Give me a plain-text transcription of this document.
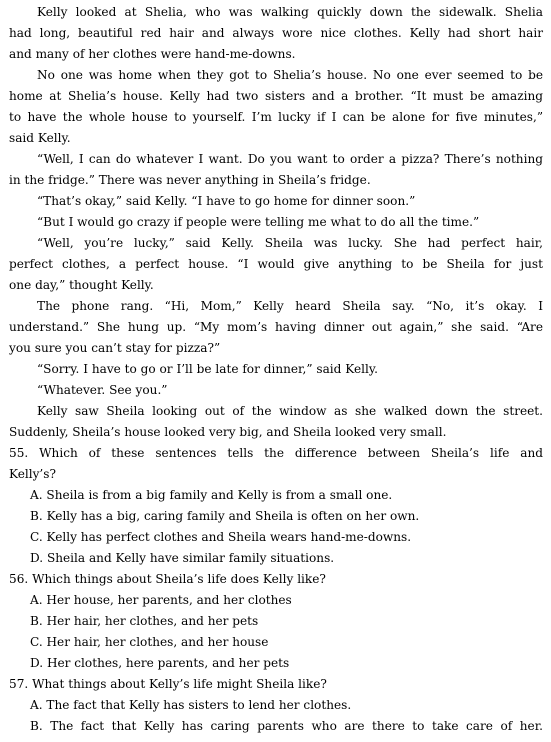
Kelly looked at Shelia, who was walking quickly down the sidewalk. Shelia
had long, beautiful red hair and always wore nice clothes. Kelly had short hair
and many of her clothes were hand-me-downs.
No one was home when they got to Shelia’s house. No one ever seemed to be
home at Shelia’s house. Kelly had two sisters and a brother. “It must be amazing
to have the whole house to yourself. I’m lucky if I can be alone for five minutes,”
said Kelly.
“Well, I can do whatever I want. Do you want to order a pizza? There’s nothing
in the fridge.” There was never anything in Sheila’s fridge.
“That’s okay,” said Kelly. “I have to go home for dinner soon.”
“But I would go crazy if people were telling me what to do all the time.”
“Well, you’re lucky,” said Kelly. Sheila was lucky. She had perfect hair,
perfect clothes, a perfect house. “I would give anything to be Sheila for just
one day,” thought Kelly.
The phone rang. “Hi, Mom,” Kelly heard Sheila say. “No, it’s okay. I
understand.” She hung up. “My mom’s having dinner out again,” she said. “Are
you sure you can’t stay for pizza?”
“Sorry. I have to go or I’ll be late for dinner,” said Kelly.
“Whatever. See you.”
Kelly saw Sheila looking out of the window as she walked down the street.
Suddenly, Sheila’s house looked very big, and Sheila looked very small.
55. Which of these sentences tells the difference between Sheila’s life and
Kelly’s?
A. Sheila is from a big family and Kelly is from a small one.
B. Kelly has a big, caring family and Sheila is often on her own.
C. Kelly has perfect clothes and Sheila wears hand-me-downs.
D. Sheila and Kelly have similar family situations.
56. Which things about Sheila’s life does Kelly like?
A. Her house, her parents, and her clothes
B. Her hair, her clothes, and her pets
C. Her hair, her clothes, and her house
D. Her clothes, here parents, and her pets
57. What things about Kelly’s life might Sheila like?
A. The fact that Kelly has sisters to lend her clothes.
B. The fact that Kelly has caring parents who are there to take care of her.
